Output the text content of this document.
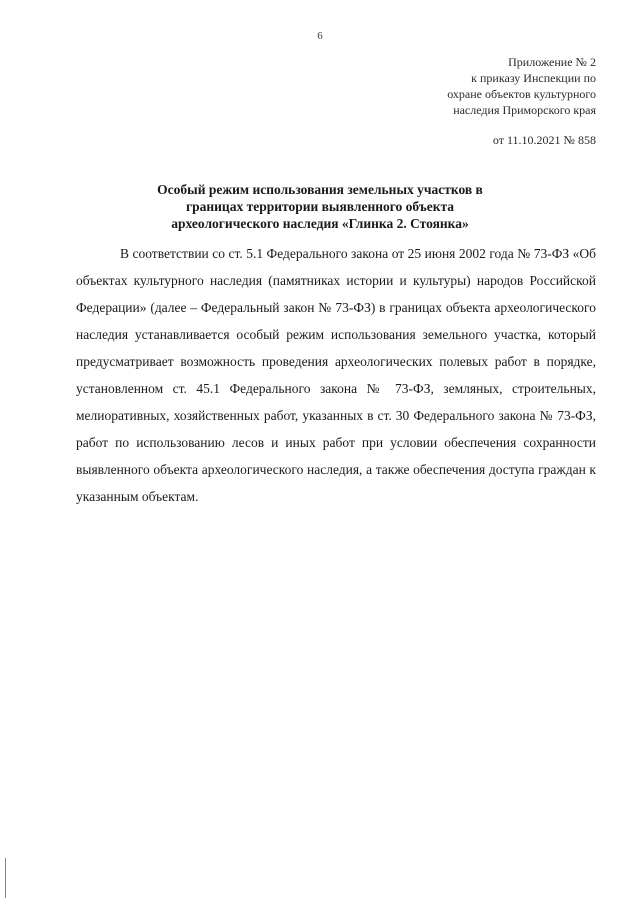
6
Приложение № 2
к приказу Инспекции по
охране объектов культурного
наследия Приморского края
от 11.10.2021 № 858
Особый режим использования земельных участков в
границах территории выявленного объекта
археологического наследия «Глинка 2. Стоянка»

В соответствии со ст. 5.1 Федерального закона от 25 июня 2002 года № 73-ФЗ «Об объектах культурного наследия (памятниках истории и культуры) народов Российской Федерации» (далее – Федеральный закон № 73-ФЗ) в границах объекта археологического наследия устанавливается особый режим использования земельного участка, который предусматривает возможность проведения археологических полевых работ в порядке, установленном ст. 45.1 Федерального закона № 73-ФЗ, земляных, строительных, мелиоративных, хозяйственных работ, указанных в ст. 30 Федерального закона № 73-ФЗ, работ по использованию лесов и иных работ при условии обеспечения сохранности выявленного объекта археологического наследия, а также обеспечения доступа граждан к указанным объектам.
